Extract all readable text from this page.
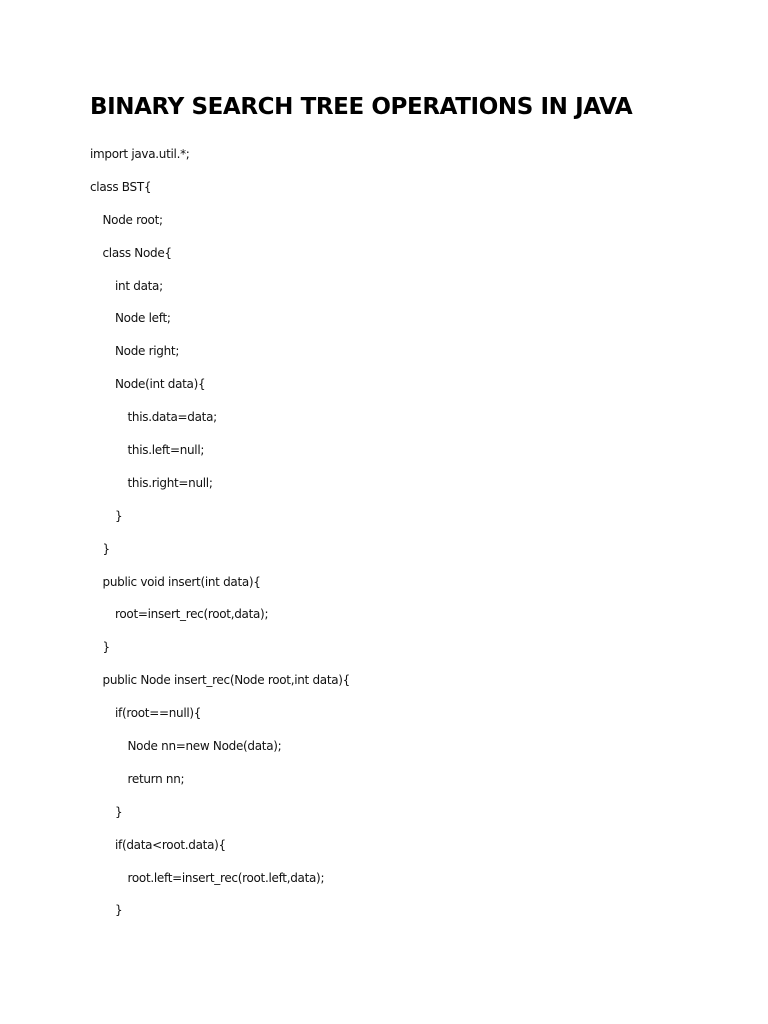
BINARY SEARCH TREE OPERATIONS IN JAVA
import java.util.*;
class BST{
Node root;
class Node{
int data;
Node left;
Node right;
Node(int data){
this.data=data;
this.left=null;
this.right=null;
}
}
public void insert(int data){
root=insert_rec(root,data);
}
public Node insert_rec(Node root,int data){
if(root==null){
Node nn=new Node(data);
return nn;
}
if(data<root.data){
root.left=insert_rec(root.left,data);
}
